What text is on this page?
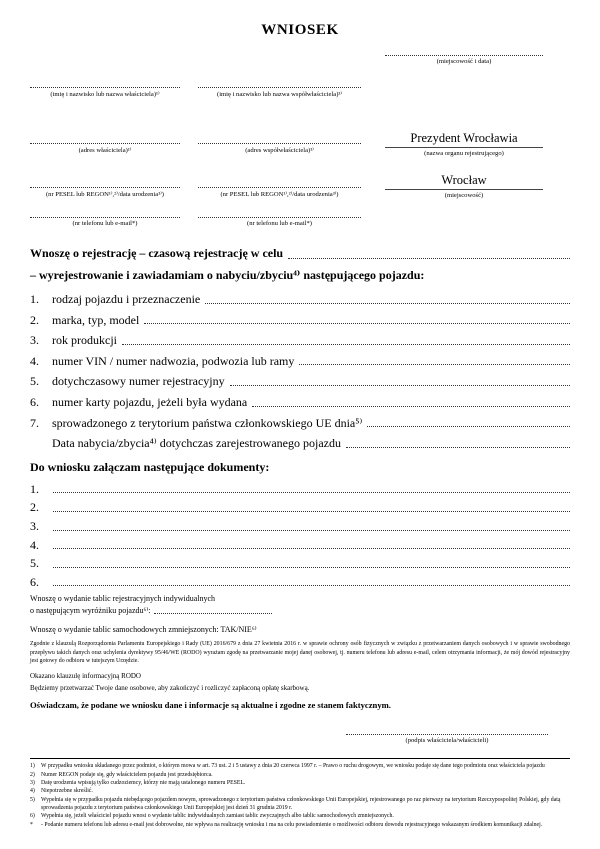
WNIOSEK
(miejscowość i data)
(imię i nazwisko lub nazwa właściciela)¹⁾	(imię i nazwisko lub nazwa współwłaściciela)³⁾
Prezydent Wrocławia
(nazwa organu rejestrującego)
(adres właściciela)¹⁾	(adres współwłaściciela)³⁾
Wrocław
(miejscowość)
(nr PESEL lub REGON¹⁾,²⁾/data urodzenia³⁾)	(nr PESEL lub REGON¹⁾,²⁾/data urodzenia³⁾)
(nr telefonu lub e-mail*)	(nr telefonu lub e-mail*)
Wnoszę o rejestrację – czasową rejestrację w celu
– wyrejestrowanie i zawiadamiam o nabyciu/zbyciu⁴⁾ następującego pojazdu:
1.	rodzaj pojazdu i przeznaczenie
2.	marka, typ, model
3.	rok produkcji
4.	numer VIN / numer nadwozia, podwozia lub ramy
5.	dotychczasowy numer rejestracyjny
6.	numer karty pojazdu, jeżeli była wydana
7.	sprowadzonego z terytorium państwa członkowskiego UE dnia⁵⁾
Data nabycia/zbycia⁴⁾ dotychczas zarejestrowanego pojazdu
Do wniosku załączam następujące dokumenty:
1.
2.
3.
4.
5.
6.
Wnoszę o wydanie tablic rejestracyjnych indywidualnych
o następującym wyróżniku pojazdu⁶⁾:
Wnoszę o wydanie tablic samochodowych zmniejszonych: TAK/NIE⁶⁾
Zgodnie z klauzulą Rozporządzenia Parlamentu Europejskiego i Rady (UE) 2016/679 z dnia 27 kwietnia 2016 r. w sprawie ochrony osób fizycznych w związku z przetwarzaniem danych osobowych i w sprawie swobodnego przepływu takich danych oraz uchylenia dyrektywy 95/46/WE (RODO) wyrażam zgodę na przetwarzanie mojej danej osobowej, tj. numeru telefonu lub adresu e-mail, celem otrzymania informacji, że mój dowód rejestracyjny jest gotowy do odbioru w tutejszym Urzędzie.
Okazano klauzulę informacyjną RODO
Będziemy przetwarzać Twoje dane osobowe, aby zakończyć i rozliczyć zapłaconą opłatę skarbową.
Oświadczam, że podane we wniosku dane i informacje są aktualne i zgodne ze stanem faktycznym.
(podpis właściciela/właścicieli)
1)	W przypadku wniosku składanego przez podmiot, o którym mowa w art. 73 ust. 2 i 5 ustawy z dnia 20 czerwca 1997 r. – Prawo o ruchu drogowym, we wniosku podaje się dane tego podmiotu oraz właściciela pojazdu
2)	Numer REGON podaje się, gdy właścicielem pojazdu jest przedsiębiorca.
3)	Datę urodzenia wpisują tylko cudzoziemcy, którzy nie mają ustalonego numeru PESEL.
4)	Niepotrzebne skreślić.
5)	Wypełnia się w przypadku pojazdu niebędącego pojazdem nowym, sprowadzonego z terytorium państwa członkowskiego Unii Europejskiej, rejestrowanego po raz pierwszy na terytorium Rzeczypospolitej Polskiej, gdy datą sprowadzenia pojazdu z terytorium państwa członkowskiego Unii Europejskiej jest dzień 31 grudnia 2019 r.
6)	Wypełnia się, jeżeli właściciel pojazdu wnosi o wydanie tablic indywidualnych zamiast tablic zwyczajnych albo tablic samochodowych zmniejszonych.
*	- Podanie numeru telefonu lub adresu e-mail jest dobrowolne, nie wpływa na realizację wniosku i ma na celu powiadomienie o możliwości odbioru dowodu rejestracyjnego wskazanym środkiem komunikacji zdalnej.
